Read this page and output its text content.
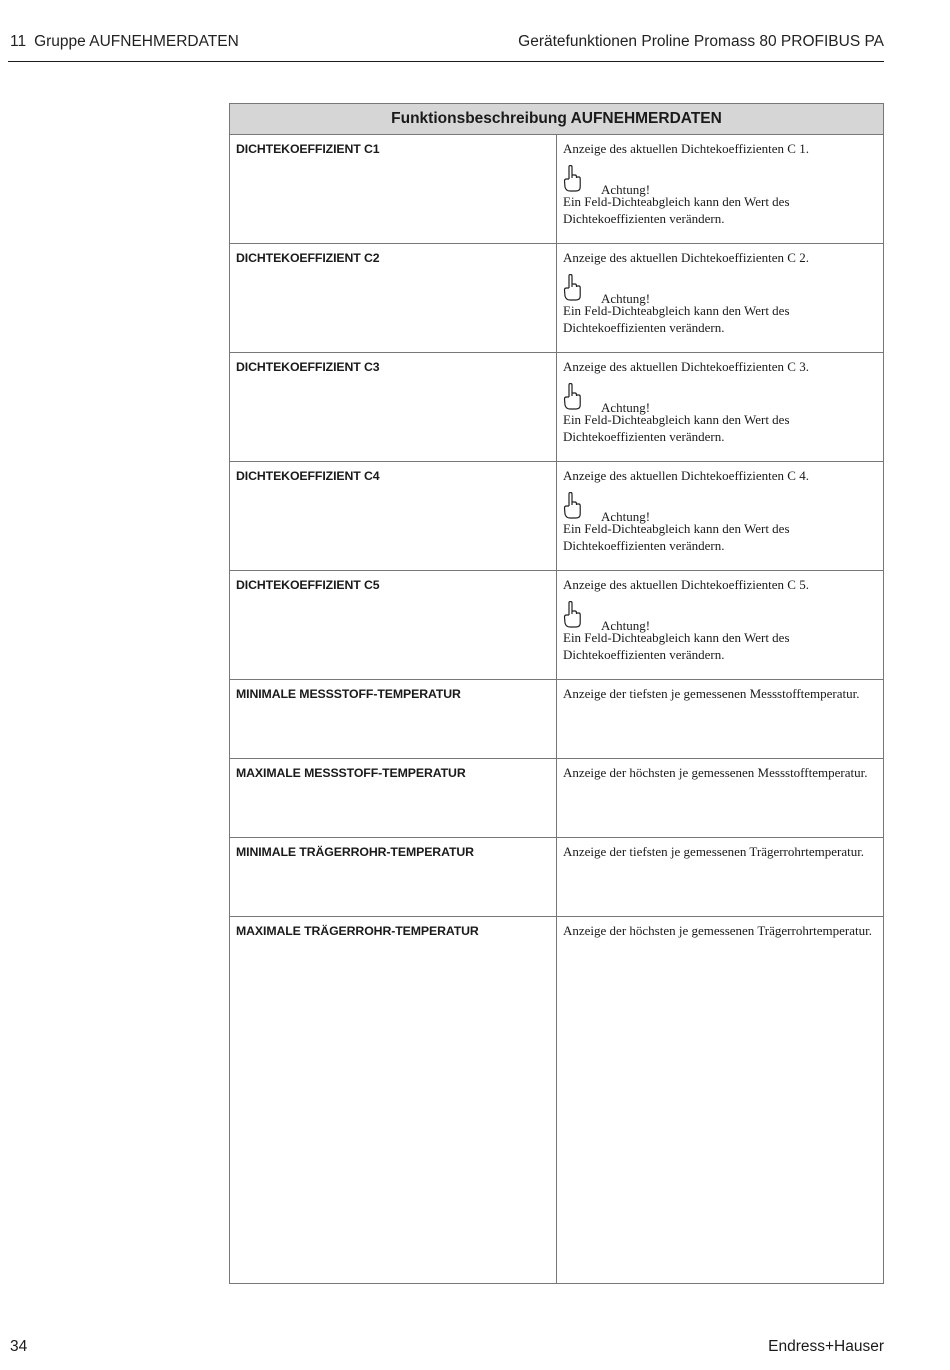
11 Gruppe AUFNEHMERDATEN	Gerätefunktionen Proline Promass 80 PROFIBUS PA
Funktionsbeschreibung AUFNEHMERDATEN	
DICHTEKOEFFIZIENT C1	Anzeige des aktuellen Dichtekoeffizienten C 1.
Achtung!
Ein Feld-Dichteabgleich kann den Wert des Dichtekoeffizienten verändern.

DICHTEKOEFFIZIENT C2	Anzeige des aktuellen Dichtekoeffizienten C 2.
Achtung!
Ein Feld-Dichteabgleich kann den Wert des Dichtekoeffizienten verändern.

DICHTEKOEFFIZIENT C3	Anzeige des aktuellen Dichtekoeffizienten C 3.
Achtung!
Ein Feld-Dichteabgleich kann den Wert des Dichtekoeffizienten verändern.

DICHTEKOEFFIZIENT C4	Anzeige des aktuellen Dichtekoeffizienten C 4.
Achtung!
Ein Feld-Dichteabgleich kann den Wert des Dichtekoeffizienten verändern.

DICHTEKOEFFIZIENT C5	Anzeige des aktuellen Dichtekoeffizienten C 5.
Achtung!
Ein Feld-Dichteabgleich kann den Wert des Dichtekoeffizienten verändern.

MINIMALE MESSSTOFF-TEMPERATUR	Anzeige der tiefsten je gemessenen Messstofftemperatur.
MAXIMALE MESSSTOFF-TEMPERATUR	Anzeige der höchsten je gemessenen Messstofftemperatur.
MINIMALE TRÄGERROHR-TEMPERATUR	Anzeige der tiefsten je gemessenen Trägerrohrtemperatur.
MAXIMALE TRÄGERROHR-TEMPERATUR	Anzeige der höchsten je gemessenen Trägerrohrtemperatur.
34	Endress+Hauser
